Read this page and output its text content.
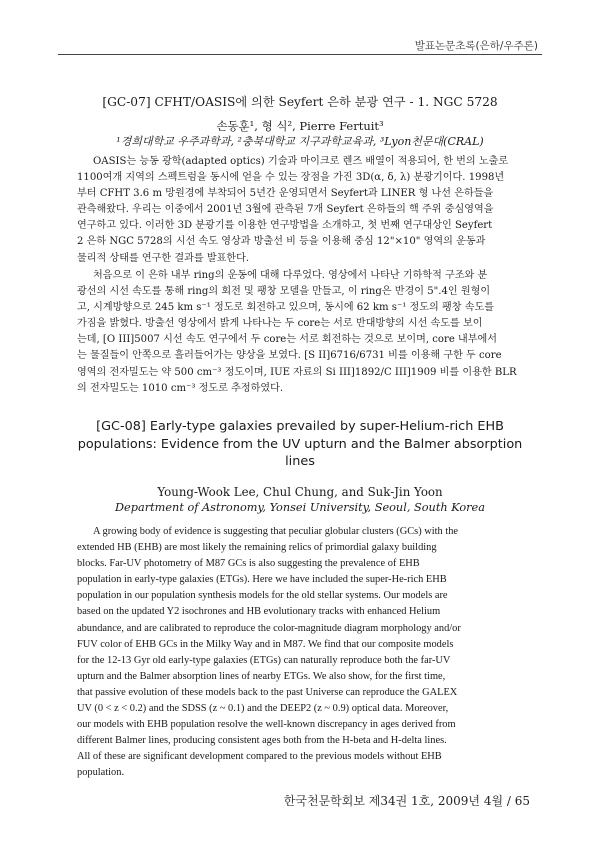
발표논문초록(은하/우주론)
[GC-07] CFHT/OASIS에 의한 Seyfert 은하 분광 연구 - 1. NGC 5728
손동훈¹, 형 식², Pierre Fertuit³
¹경희대학교 우주과학과, ²충북대학교 지구과학교육과, ³Lyon천문대(CRAL)
OASIS는 능동 광학(adapted optics) 기술과 마이크로 렌즈 배열이 적용되어, 한 번의 노출로
1100여개 지역의 스펙트럼을 동시에 얻을 수 있는 장점을 가진 3D(α, δ, λ) 분광기이다. 1998년
부터 CFHT 3.6 m 망원경에 부착되어 5년간 운영되면서 Seyfert과 LINER 형 나선 은하들을
관측해왔다. 우리는 이중에서 2001년 3월에 관측된 7개 Seyfert 은하들의 핵 주위 중심영역을
연구하고 있다. 이러한 3D 분광기를 이용한 연구방법을 소개하고, 첫 번째 연구대상인 Seyfert
2 은하 NGC 5728의 시선 속도 영상과 방출선 비 등을 이용해 중심 12"×10" 영역의 운동과
물리적 상태를 연구한 결과를 발표한다.
처음으로 이 은하 내부 ring의 운동에 대해 다루었다. 영상에서 나타난 기하학적 구조와 분
광선의 시선 속도를 통해 ring의 회전 및 팽창 모델을 만들고, 이 ring은 반경이 5".4인 원형이
고, 시계방향으로 245 km s⁻¹ 정도로 회전하고 있으며, 동시에 62 km s⁻¹ 정도의 팽창 속도를
가짐을 밝혔다. 방출선 영상에서 밝게 나타나는 두 core는 서로 반대방향의 시선 속도를 보이
는데, [O III]5007 시선 속도 연구에서 두 core는 서로 회전하는 것으로 보이며, core 내부에서
는 물질들이 안쪽으로 흘러들어가는 양상을 보였다. [S II]6716/6731 비를 이용해 구한 두 core
영역의 전자밀도는 약 500 cm⁻³ 정도이며, IUE 자료의 Si III]1892/C III]1909 비를 이용한 BLR
의 전자밀도는 1010 cm⁻³ 정도로 추정하였다.
[GC-08] Early-type galaxies prevailed by super-Helium-rich EHB
populations: Evidence from the UV upturn and the Balmer absorption
lines
Young-Wook Lee, Chul Chung, and Suk-Jin Yoon
Department of Astronomy, Yonsei University, Seoul, South Korea
A growing body of evidence is suggesting that peculiar globular clusters (GCs) with the
extended HB (EHB) are most likely the remaining relics of primordial galaxy building
blocks. Far-UV photometry of M87 GCs is also suggesting the prevalence of EHB
population in early-type galaxies (ETGs). Here we have included the super-He-rich EHB
population in our population synthesis models for the old stellar systems. Our models are
based on the updated Y2 isochrones and HB evolutionary tracks with enhanced Helium
abundance, and are calibrated to reproduce the color-magnitude diagram morphology and/or
FUV color of EHB GCs in the Milky Way and in M87. We find that our composite models
for the 12-13 Gyr old early-type galaxies (ETGs) can naturally reproduce both the far-UV
upturn and the Balmer absorption lines of nearby ETGs. We also show, for the first time,
that passive evolution of these models back to the past Universe can reproduce the GALEX
UV (0 < z < 0.2) and the SDSS (z ~ 0.1) and the DEEP2 (z ~ 0.9) optical data. Moreover,
our models with EHB population resolve the well-known discrepancy in ages derived from
different Balmer lines, producing consistent ages both from the H-beta and H-delta lines.
All of these are significant development compared to the previous models without EHB
population.
한국천문학회보 제34권 1호, 2009년 4월 / 65
